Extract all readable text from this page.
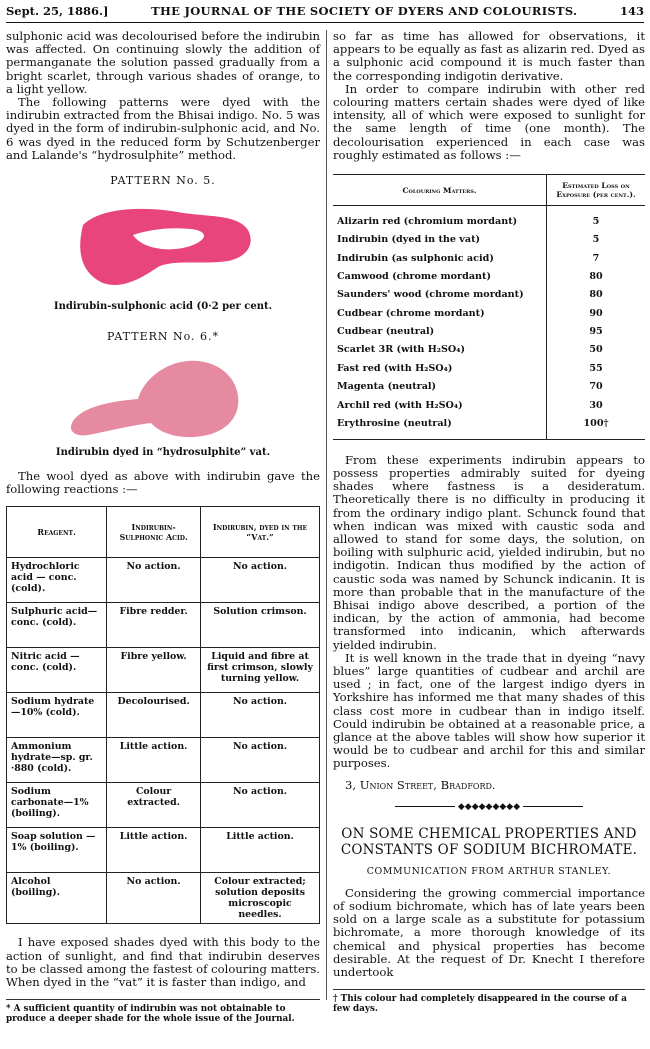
Sept. 25, 1886.]	THE JOURNAL OF THE SOCIETY OF DYERS AND COLOURISTS.	143

sulphonic acid was decolourised before the indirubin was affected. On continuing slowly the addition of permanganate the solution passed gradually from a bright scarlet, through various shades of orange, to a light yellow.

The following patterns were dyed with the indirubin extracted from the Bhisai indigo. No. 5 was dyed in the form of indirubin-sulphonic acid, and No. 6 was dyed in the reduced form by Schutzenberger and Lalande's “hydrosulphite” method.

PATTERN No. 5.
Indirubin-sulphonic acid (0·2 per cent.
PATTERN No. 6.*
Indirubin dyed in “hydrosulphite” vat.

The wool dyed as above with indirubin gave the following reactions :—

Reagent.	Indirubin-Sulphonic Acid.	Indirubin, dyed in the “Vat.”
Hydrochloric acid — conc. (cold).	No action.	No action.
Sulphuric acid—conc. (cold).	Fibre redder.	Solution crimson.
Nitric acid — conc. (cold).	Fibre yellow.	Liquid and fibre at first crimson, slowly turning yellow.
Sodium hydrate —10% (cold).	Decolourised.	No action.
Ammonium hydrate—sp. gr. ·880 (cold).	Little action.	No action.
Sodium carbonate—1% (boiling).	Colour extracted.	No action.
Soap solution — 1% (boiling).	Little action.	Little action.
Alcohol (boiling).	No action.	Colour extracted; solution deposits microscopic needles.

I have exposed shades dyed with this body to the action of sunlight, and find that indirubin deserves to be classed among the fastest of colouring matters. When dyed in the “vat” it is faster than indigo, and

* A sufficient quantity of indirubin was not obtainable to produce a deeper shade for the whole issue of the Journal.

so far as time has allowed for observations, it appears to be equally as fast as alizarin red. Dyed as a sulphonic acid compound it is much faster than the corresponding indigotin derivative.

In order to compare indirubin with other red colouring matters certain shades were dyed of like intensity, all of which were exposed to sunlight for the same length of time (one month). The decolourisation experienced in each case was roughly estimated as follows :—

Colouring Matters.	Estimated Loss on Exposure (per cent.).
Alizarin red (chromium mordant)	5
Indirubin (dyed in the vat)	5
Indirubin (as sulphonic acid)	7
Camwood (chrome mordant)	80
Saunders' wood (chrome mordant)	80
Cudbear (chrome mordant)	90
Cudbear (neutral)	95
Scarlet 3R (with H₂SO₄)	50
Fast red (with H₂SO₄)	55
Magenta (neutral)	70
Archil red (with H₂SO₄)	30
Erythrosine (neutral)	100†

From these experiments indirubin appears to possess properties admirably suited for dyeing shades where fastness is a desideratum. Theoretically there is no difficulty in producing it from the ordinary indigo plant. Schunck found that when indican was mixed with caustic soda and allowed to stand for some days, the solution, on boiling with sulphuric acid, yielded indirubin, but no indigotin. Indican thus modified by the action of caustic soda was named by Schunck indicanin. It is more than probable that in the manufacture of the Bhisai indigo above described, a portion of the indican, by the action of ammonia, had become transformed into indicanin, which afterwards yielded indirubin.

It is well known in the trade that in dyeing “navy blues” large quantities of cudbear and archil are used ; in fact, one of the largest indigo dyers in Yorkshire has informed me that many shades of this class cost more in cudbear than in indigo itself. Could indirubin be obtained at a reasonable price, a glance at the above tables will show how superior it would be to cudbear and archil for this and similar purposes.

3, Union Street, Bradford.

◆◆◆◆◆◆◆◆◆
ON SOME CHEMICAL PROPERTIES AND CONSTANTS OF SODIUM BICHROMATE.
COMMUNICATION FROM ARTHUR STANLEY.

Considering the growing commercial importance of sodium bichromate, which has of late years been sold on a large scale as a substitute for potassium bichromate, a more thorough knowledge of its chemical and physical properties has become desirable. At the request of Dr. Knecht I therefore undertook

† This colour had completely disappeared in the course of a few days.
